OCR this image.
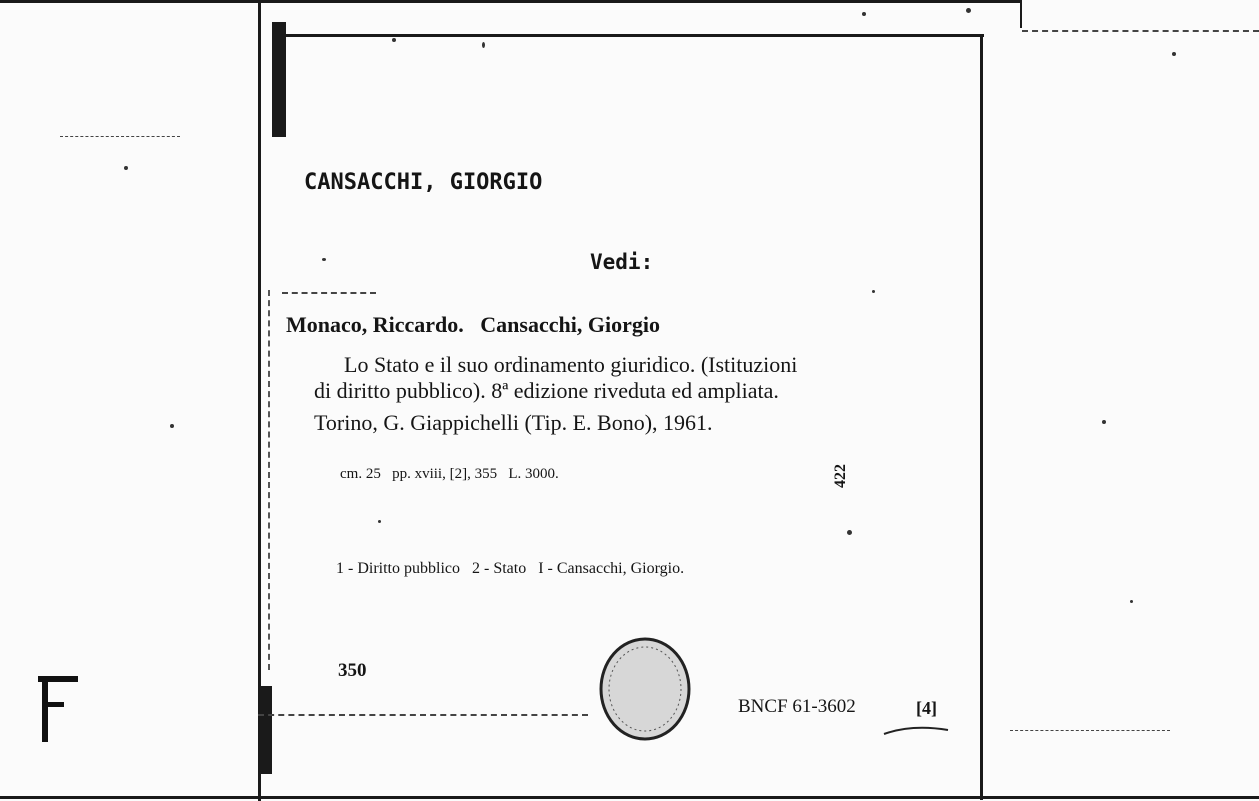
CANSACCHI, GIORGIO
Vedi:
Monaco, Riccardo.   Cansacchi, Giorgio
Lo Stato e il suo ordinamento giuridico. (Istituzioni
di diritto pubblico). 8ª edizione riveduta ed ampliata.
Torino, G. Giappichelli (Tip. E. Bono), 1961.
cm. 25   pp. xviii, [2], 355   L. 3000.	422
1 - Diritto pubblico   2 - Stato   I - Cansacchi, Giorgio.
350
BNCF 61-3602	[4]
